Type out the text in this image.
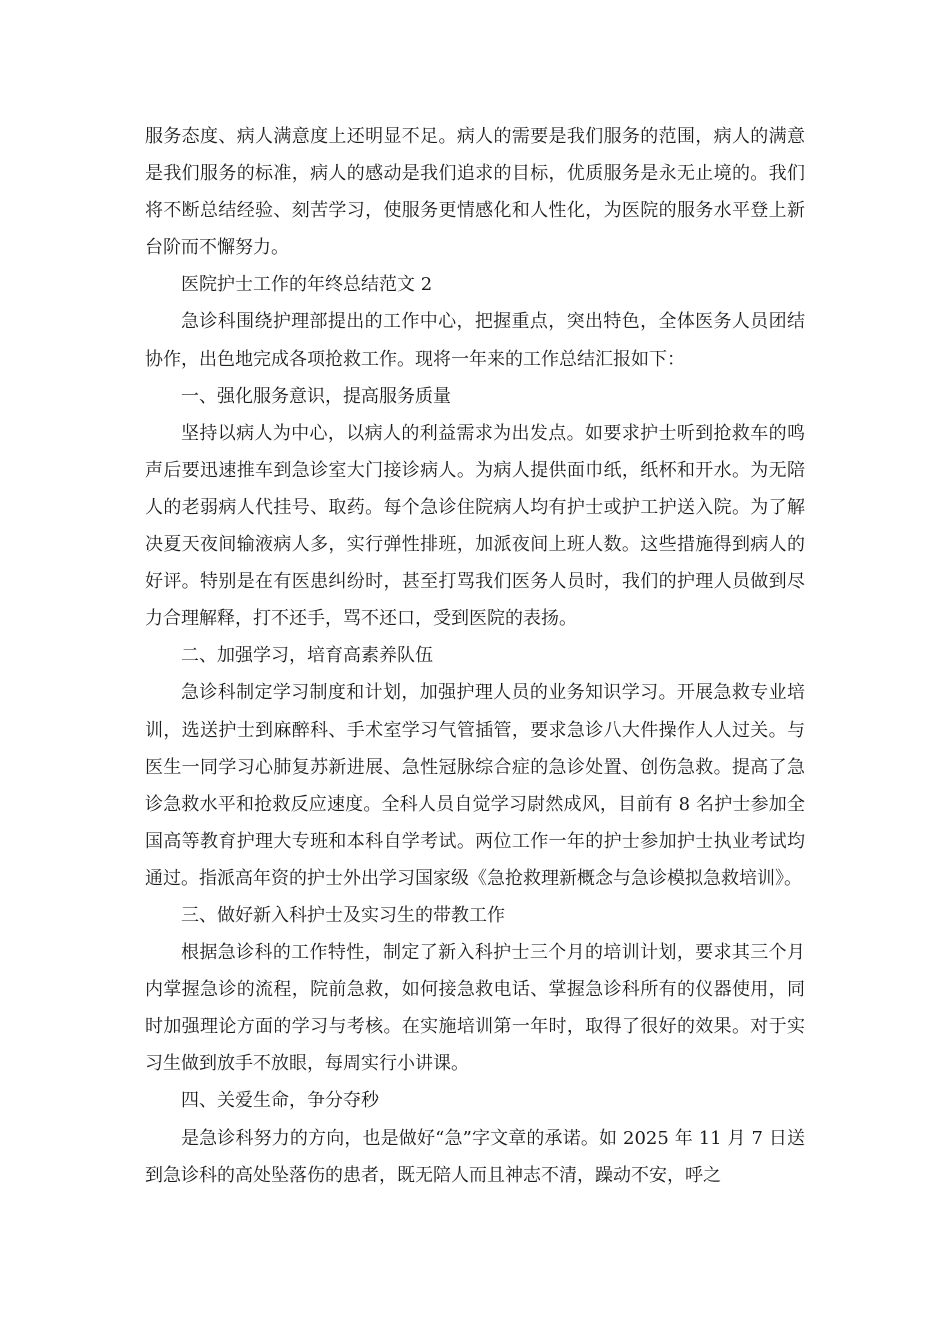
服务态度、病人满意度上还明显不足。病人的需要是我们服务的范围，病人的满意是我们服务的标准，病人的感动是我们追求的目标，优质服务是永无止境的。我们将不断总结经验、刻苦学习，使服务更情感化和人性化，为医院的服务水平登上新台阶而不懈努力。

医院护士工作的年终总结范文 2

急诊科围绕护理部提出的工作中心，把握重点，突出特色，全体医务人员团结协作，出色地完成各项抢救工作。现将一年来的工作总结汇报如下：

一、强化服务意识，提高服务质量

坚持以病人为中心，以病人的利益需求为出发点。如要求护士听到抢救车的鸣声后要迅速推车到急诊室大门接诊病人。为病人提供面巾纸，纸杯和开水。为无陪人的老弱病人代挂号、取药。每个急诊住院病人均有护士或护工护送入院。为了解决夏天夜间输液病人多，实行弹性排班，加派夜间上班人数。这些措施得到病人的好评。特别是在有医患纠纷时，甚至打骂我们医务人员时，我们的护理人员做到尽力合理解释，打不还手，骂不还口，受到医院的表扬。

二、加强学习，培育高素养队伍

急诊科制定学习制度和计划，加强护理人员的业务知识学习。开展急救专业培训，选送护士到麻醉科、手术室学习气管插管，要求急诊八大件操作人人过关。与医生一同学习心肺复苏新进展、急性冠脉综合症的急诊处置、创伤急救。提高了急诊急救水平和抢救反应速度。全科人员自觉学习尉然成风，目前有 8 名护士参加全国高等教育护理大专班和本科自学考试。两位工作一年的护士参加护士执业考试均通过。指派高年资的护士外出学习国家级《急抢救理新概念与急诊模拟急救培训》。

三、做好新入科护士及实习生的带教工作

根据急诊科的工作特性，制定了新入科护士三个月的培训计划，要求其三个月内掌握急诊的流程，院前急救，如何接急救电话、掌握急诊科所有的仪器使用，同时加强理论方面的学习与考核。在实施培训第一年时，取得了很好的效果。对于实习生做到放手不放眼，每周实行小讲课。

四、关爱生命，争分夺秒

是急诊科努力的方向，也是做好“急”字文章的承诺。如 2025 年 11 月 7 日送到急诊科的高处坠落伤的患者，既无陪人而且神志不清，躁动不安，呼之
